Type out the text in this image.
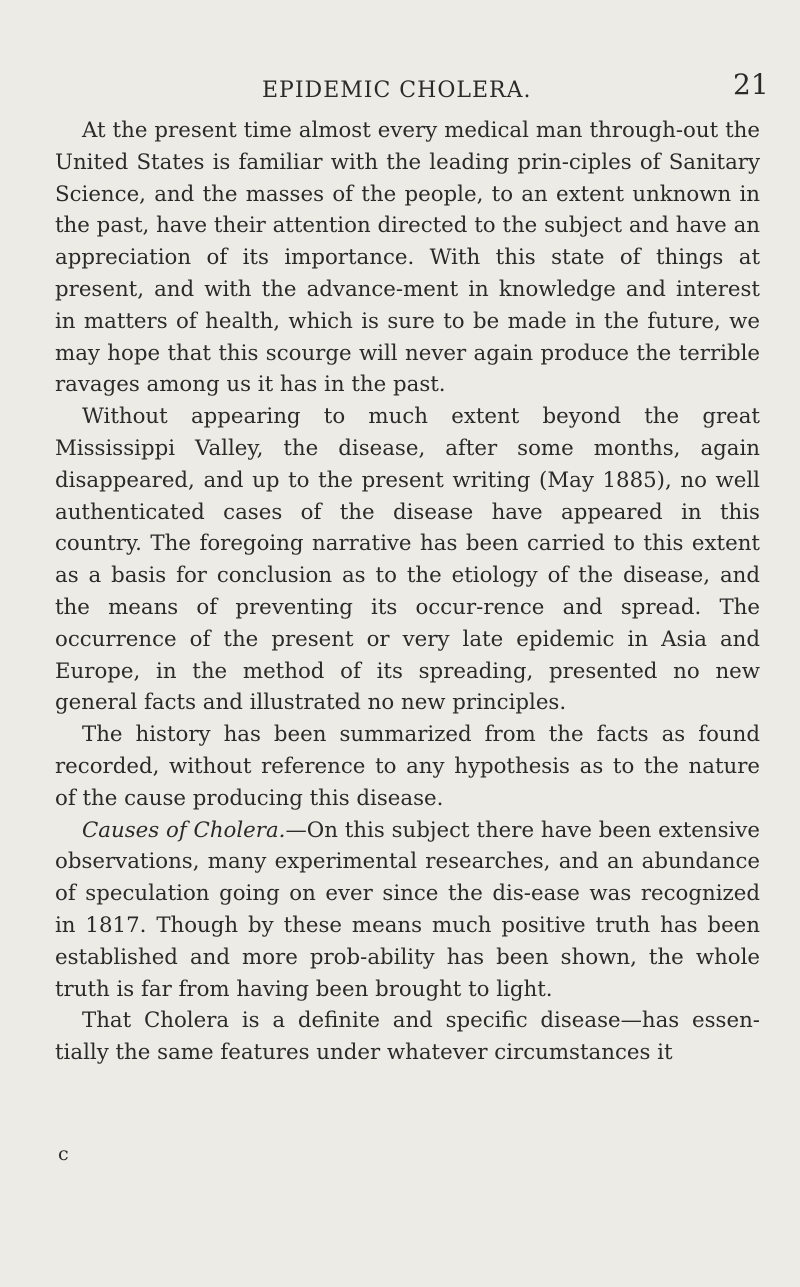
EPIDEMIC CHOLERA.	21

At the present time almost every medical man through-out the United States is familiar with the leading prin-ciples of Sanitary Science, and the masses of the people, to an extent unknown in the past, have their attention directed to the subject and have an appreciation of its importance. With this state of things at present, and with the advance-ment in knowledge and interest in matters of health, which is sure to be made in the future, we may hope that this scourge will never again produce the terrible ravages among us it has in the past.

Without appearing to much extent beyond the great Mississippi Valley, the disease, after some months, again disappeared, and up to the present writing (May 1885), no well authenticated cases of the disease have appeared in this country. The foregoing narrative has been carried to this extent as a basis for conclusion as to the etiology of the disease, and the means of preventing its occur-rence and spread. The occurrence of the present or very late epidemic in Asia and Europe, in the method of its spreading, presented no new general facts and illustrated no new principles.

The history has been summarized from the facts as found recorded, without reference to any hypothesis as to the nature of the cause producing this disease.

Causes of Cholera.—On this subject there have been extensive observations, many experimental researches, and an abundance of speculation going on ever since the dis-ease was recognized in 1817. Though by these means much positive truth has been established and more prob-ability has been shown, the whole truth is far from having been brought to light.

That Cholera is a definite and specific disease—has essen-tially the same features under whatever circumstances it

c
